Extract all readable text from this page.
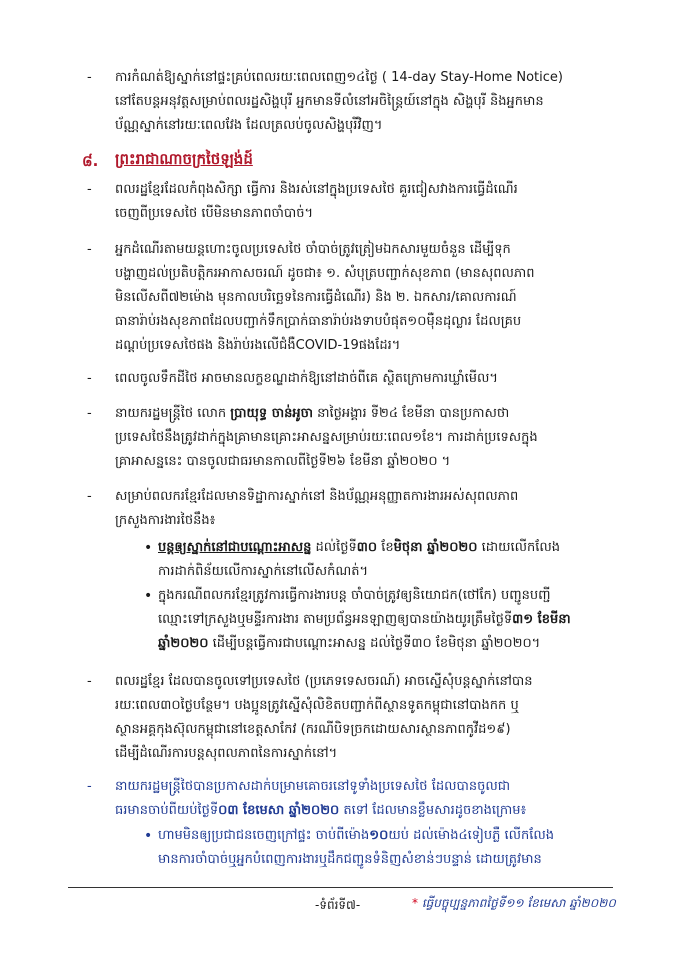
-	ការកំណត់ឱ្យស្នាក់នៅផ្ទះគ្រប់ពេលរយៈពេលពេញ១៤ថ្ងៃ ( 14-day Stay-Home Notice)
នៅតែបន្តអនុវត្តសម្រាប់ពលរដ្ឋសិង្ហបុរី អ្នកមានទីលំនៅអចិន្ត្រៃយ៍នៅក្នុង សិង្ហបុរី និងអ្នកមាន
ប័ណ្ណស្នាក់នៅរយៈពេលវែង ដែលត្រលប់ចូលសិង្ហបុរីវិញ។
៨. ព្រះរាជាណាចក្រថៃឡង់ដ៍
-	ពលរដ្ឋខ្មែរដែលកំពុងសិក្សា ធ្វើការ និងរស់នៅក្នុងប្រទេសថៃ គួរជៀសវាងការធ្វើដំណើរ
ចេញពីប្រទេសថៃ បើមិនមានភាពចាំបាច់។
-	អ្នកដំណើរតាមយន្តហោះចូលប្រទេសថៃ ចាំបាច់ត្រូវត្រៀមឯកសារមួយចំនួន ដើម្បីទុក
បង្ហាញដល់ប្រតិបត្តិករអាកាសចរណ៍ ដូចជា៖ ១. សំបុត្របញ្ជាក់សុខភាព (មានសុពលភាព
មិនលើសពី៧២ម៉ោង មុនកាលបរិច្ឆេទនៃការធ្វើដំណើរ) និង ២. ឯកសារ/គោលការណ៍
ធានារ៉ាប់រងសុខភាពដែលបញ្ជាក់ទឹកប្រាក់ធានារ៉ាប់រងទាបបំផុត១០ម៉ឺនដុល្លារ ដែលគ្រប
ដណ្តប់ប្រទេសថៃផង និងរ៉ាប់រងលើជំងឺCOVID-19ផងដែរ។
-	ពេលចូលទឹកដីថៃ អាចមានលក្ខខណ្ឌដាក់ឱ្យនៅដាច់ពីគេ ស្ថិតក្រោមការឃ្លាំមើល។
-	នាយករដ្ឋមន្ត្រីថៃ លោក ប្រាយុទ្ធ ចាន់អូចា នាថ្ងៃអង្គារ ទី២៤ ខែមីនា បានប្រកាសថា
ប្រទេសថៃនឹងត្រូវដាក់ក្នុងគ្រាមានគ្រោះអាសន្នសម្រាប់រយៈពេល១ខែ។ ការដាក់ប្រទេសក្នុង
គ្រាអាសន្ននេះ បានចូលជាធរមានកាលពីថ្ងៃទី២៦ ខែមីនា ឆ្នាំ២០២០ ។
-	សម្រាប់ពលករខ្មែរដែលមានទិដ្ឋាការស្នាក់នៅ និងប័ណ្ណអនុញ្ញាតការងារអស់សុពលភាព
ក្រសួងការងារថៃនឹង៖
• បន្តឲ្យស្នាក់នៅជាបណ្តោះអាសន្ន ដល់ថ្ងៃទី៣០ ខែមិថុនា ឆ្នាំ២០២០ ដោយលើកលែង
ការដាក់ពិន័យលើការស្នាក់នៅលើសកំណត់។
• ក្នុងករណីពលករខ្មែរត្រូវការធ្វើការងារបន្ត ចាំបាច់ត្រូវឲ្យនិយោជក(ថៅកែ) បញ្ជូនបញ្ជី
ឈ្មោះទៅក្រសួងឬមន្ទីរការងារ តាមប្រព័ន្ធអនឡាញឲ្យបានយ៉ាងយូរត្រឹមថ្ងៃទី៣១ ខែមីនា
ឆ្នាំ២០២០ ដើម្បីបន្តធ្វើការជាបណ្តោះអាសន្ន ដល់ថ្ងៃទី៣០ ខែមិថុនា ឆ្នាំ២០២០។
-	ពលរដ្ឋខ្មែរ ដែលបានចូលទៅប្រទេសថៃ (ប្រភេទទេសចរណ៍) អាចស្នើសុំបន្តស្នាក់នៅបាន
រយៈពេល៣០ថ្ងៃបន្ថែម។ បងប្អូនត្រូវស្នើសុំលិខិតបញ្ជាក់ពីស្ថានទូតកម្ពុជានៅបាងកក ឬ
ស្ថានអគ្គកុងស៊ុលកម្ពុជានៅខេត្តសាកែវ (ករណីបិទច្រកដោយសារស្ថានភាពកូវីដ១៩)
ដើម្បីដំណើរការបន្តសុពលភាពនៃការស្នាក់នៅ។
-	នាយករដ្ឋមន្ត្រីថៃបានប្រកាសដាក់បម្រាមគោចរនៅទូទាំងប្រទេសថៃ ដែលបានចូលជា
ធរមានចាប់ពីយប់ថ្ងៃទី០៣ ខែមេសា ឆ្នាំ២០២០ តទៅ ដែលមានខ្លឹមសារដូចខាងក្រោម៖
• ហាមមិនឲ្យប្រជាជនចេញក្រៅផ្ទះ ចាប់ពីម៉ោង១០យប់ ដល់ម៉ោង៤ទៀបភ្លឺ លើកលែង
មានការចាំបាច់ឬអ្នកបំពេញការងារឬដឹកជញ្ជូនទំនិញសំខាន់ៗបន្ទាន់ ដោយត្រូវមាន
-ទំព័រទី៧-	* ធ្វើបច្ចុប្បន្នភាពថ្ងៃទី១១ ខែមេសា ឆ្នាំ២០២០
